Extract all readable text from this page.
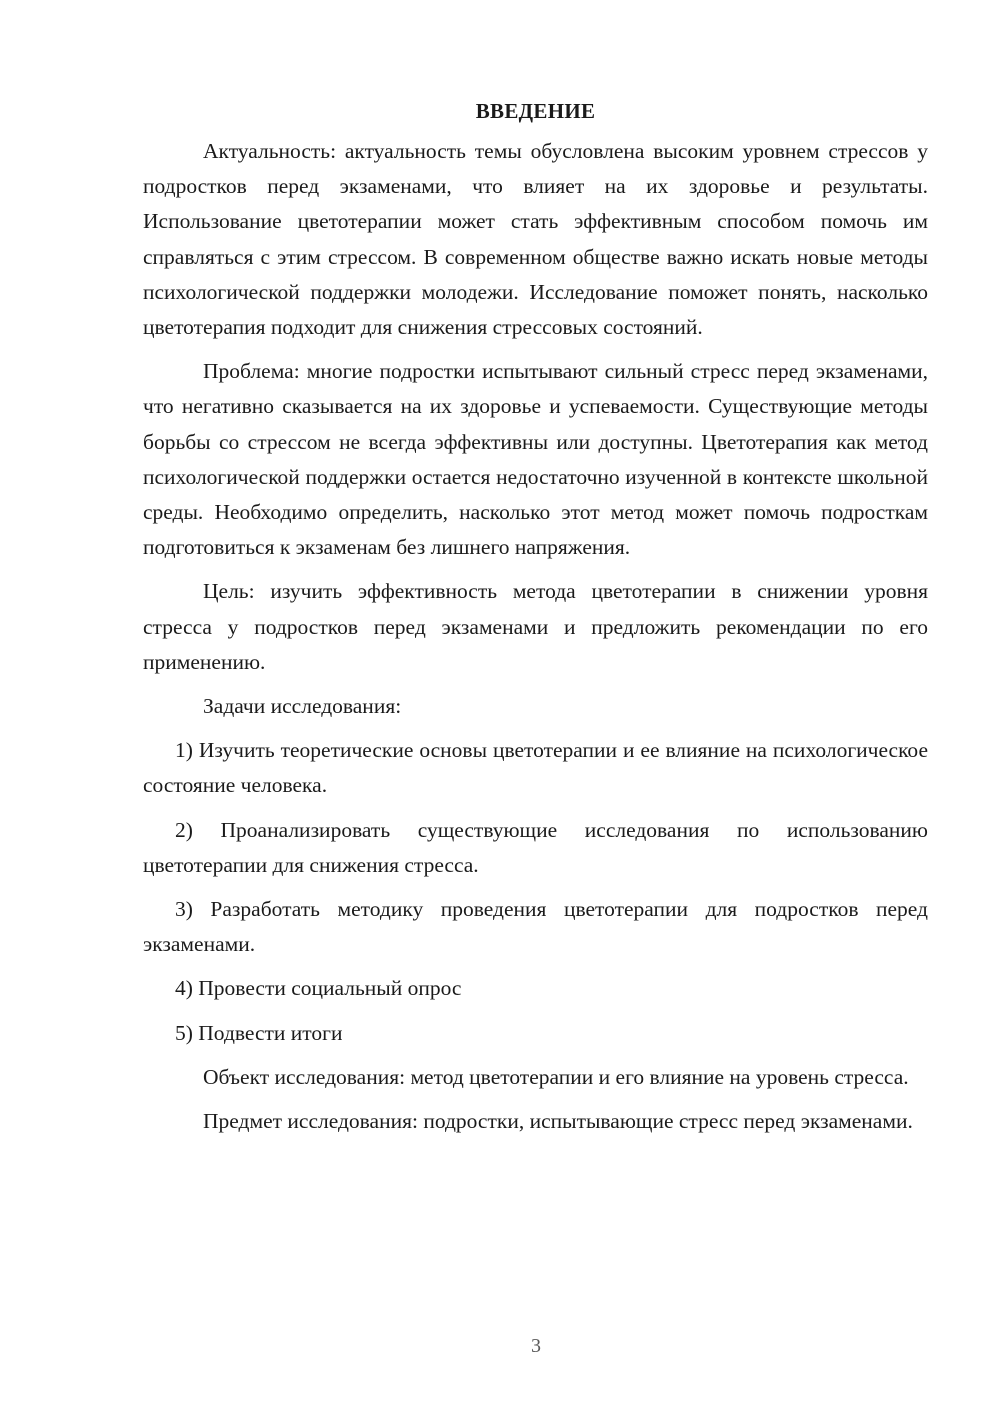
ВВЕДЕНИЕ

Актуальность: актуальность темы обусловлена высоким уровнем стрессов у подростков перед экзаменами, что влияет на их здоровье и результаты. Использование цветотерапии может стать эффективным способом помочь им справляться с этим стрессом. В современном обществе важно искать новые методы психологической поддержки молодежи. Исследование поможет понять, насколько цветотерапия подходит для снижения стрессовых состояний.

Проблема: многие подростки испытывают сильный стресс перед экзаменами, что негативно сказывается на их здоровье и успеваемости. Существующие методы борьбы со стрессом не всегда эффективны или доступны. Цветотерапия как метод психологической поддержки остается недостаточно изученной в контексте школьной среды. Необходимо определить, насколько этот метод может помочь подросткам подготовиться к экзаменам без лишнего напряжения.

Цель: изучить эффективность метода цветотерапии в снижении уровня стресса у подростков перед экзаменами и предложить рекомендации по его применению.

Задачи исследования:

1) Изучить теоретические основы цветотерапии и ее влияние на психологическое состояние человека.

2) Проанализировать существующие исследования по использованию цветотерапии для снижения стресса.

3) Разработать методику проведения цветотерапии для подростков перед экзаменами.

4) Провести социальный опрос

5) Подвести итоги

Объект исследования: метод цветотерапии и его влияние на уровень стресса.

Предмет исследования: подростки, испытывающие стресс перед экзаменами.

3
